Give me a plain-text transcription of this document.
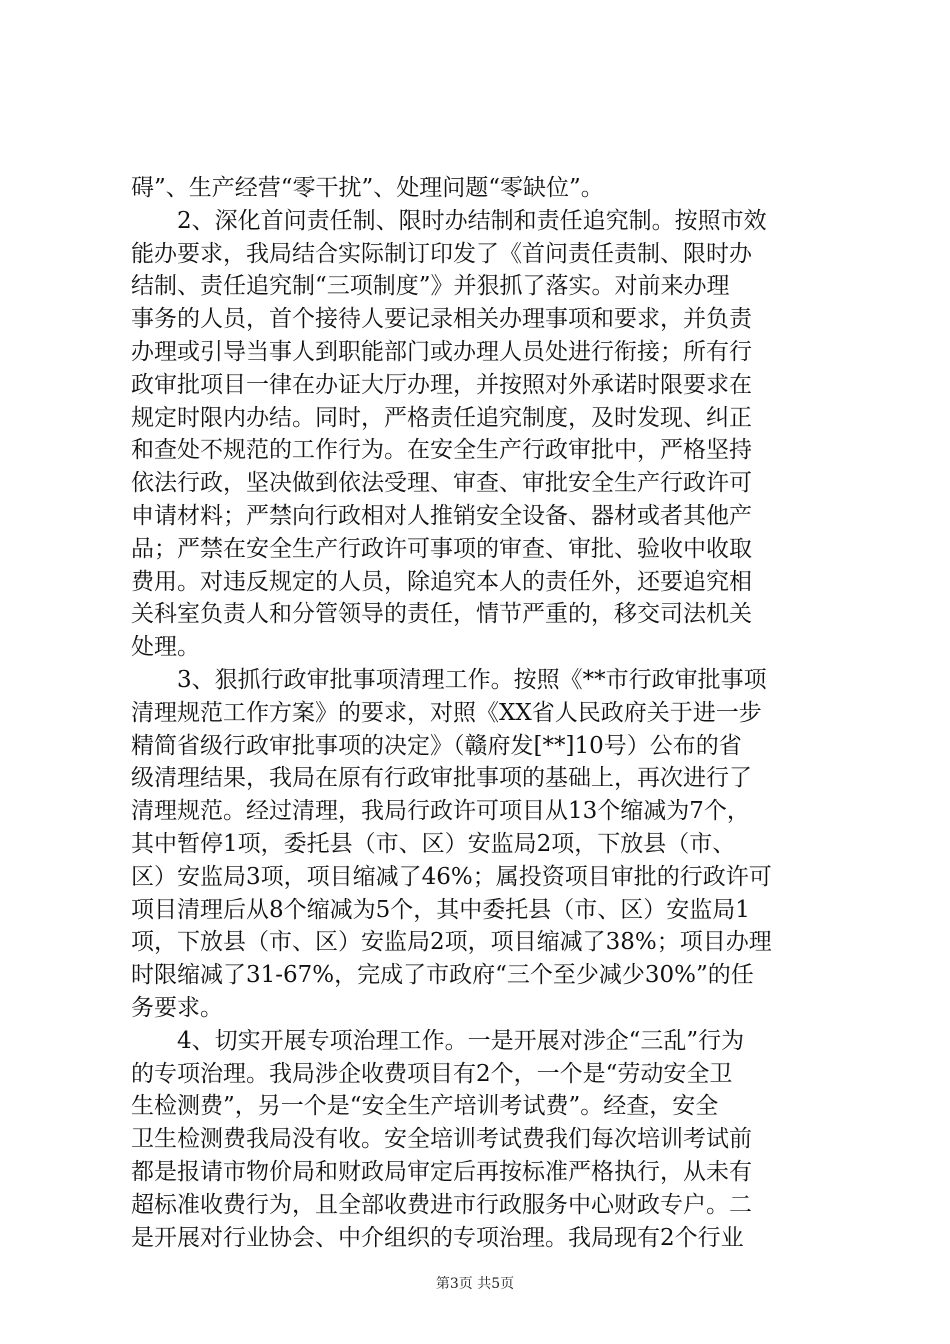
碍”、生产经营“零干扰”、处理问题“零缺位”。
　　2、深化首问责任制、限时办结制和责任追究制。按照市效
能办要求，我局结合实际制订印发了《首问责任责制、限时办
结制、责任追究制“三项制度”》并狠抓了落实。对前来办理
事务的人员，首个接待人要记录相关办理事项和要求，并负责
办理或引导当事人到职能部门或办理人员处进行衔接；所有行
政审批项目一律在办证大厅办理，并按照对外承诺时限要求在
规定时限内办结。同时，严格责任追究制度，及时发现、纠正
和查处不规范的工作行为。在安全生产行政审批中，严格坚持
依法行政，坚决做到依法受理、审查、审批安全生产行政许可
申请材料；严禁向行政相对人推销安全设备、器材或者其他产
品；严禁在安全生产行政许可事项的审查、审批、验收中收取
费用。对违反规定的人员，除追究本人的责任外，还要追究相
关科室负责人和分管领导的责任，情节严重的，移交司法机关
处理。
　　3、狠抓行政审批事项清理工作。按照《**市行政审批事项
清理规范工作方案》的要求，对照《XX省人民政府关于进一步
精简省级行政审批事项的决定》（赣府发[**]10号）公布的省
级清理结果，我局在原有行政审批事项的基础上，再次进行了
清理规范。经过清理，我局行政许可项目从13个缩减为7个，
其中暂停1项，委托县（市、区）安监局2项，下放县（市、
区）安监局3项，项目缩减了46%；属投资项目审批的行政许可
项目清理后从8个缩减为5个，其中委托县（市、区）安监局1
项，下放县（市、区）安监局2项，项目缩减了38%；项目办理
时限缩减了31-67%，完成了市政府“三个至少减少30%”的任
务要求。
　　4、切实开展专项治理工作。一是开展对涉企“三乱”行为
的专项治理。我局涉企收费项目有2个，一个是“劳动安全卫
生检测费”，另一个是“安全生产培训考试费”。经查，安全
卫生检测费我局没有收。安全培训考试费我们每次培训考试前
都是报请市物价局和财政局审定后再按标准严格执行，从未有
超标准收费行为，且全部收费进市行政服务中心财政专户。二
是开展对行业协会、中介组织的专项治理。我局现有2个行业
第3页 共5页
